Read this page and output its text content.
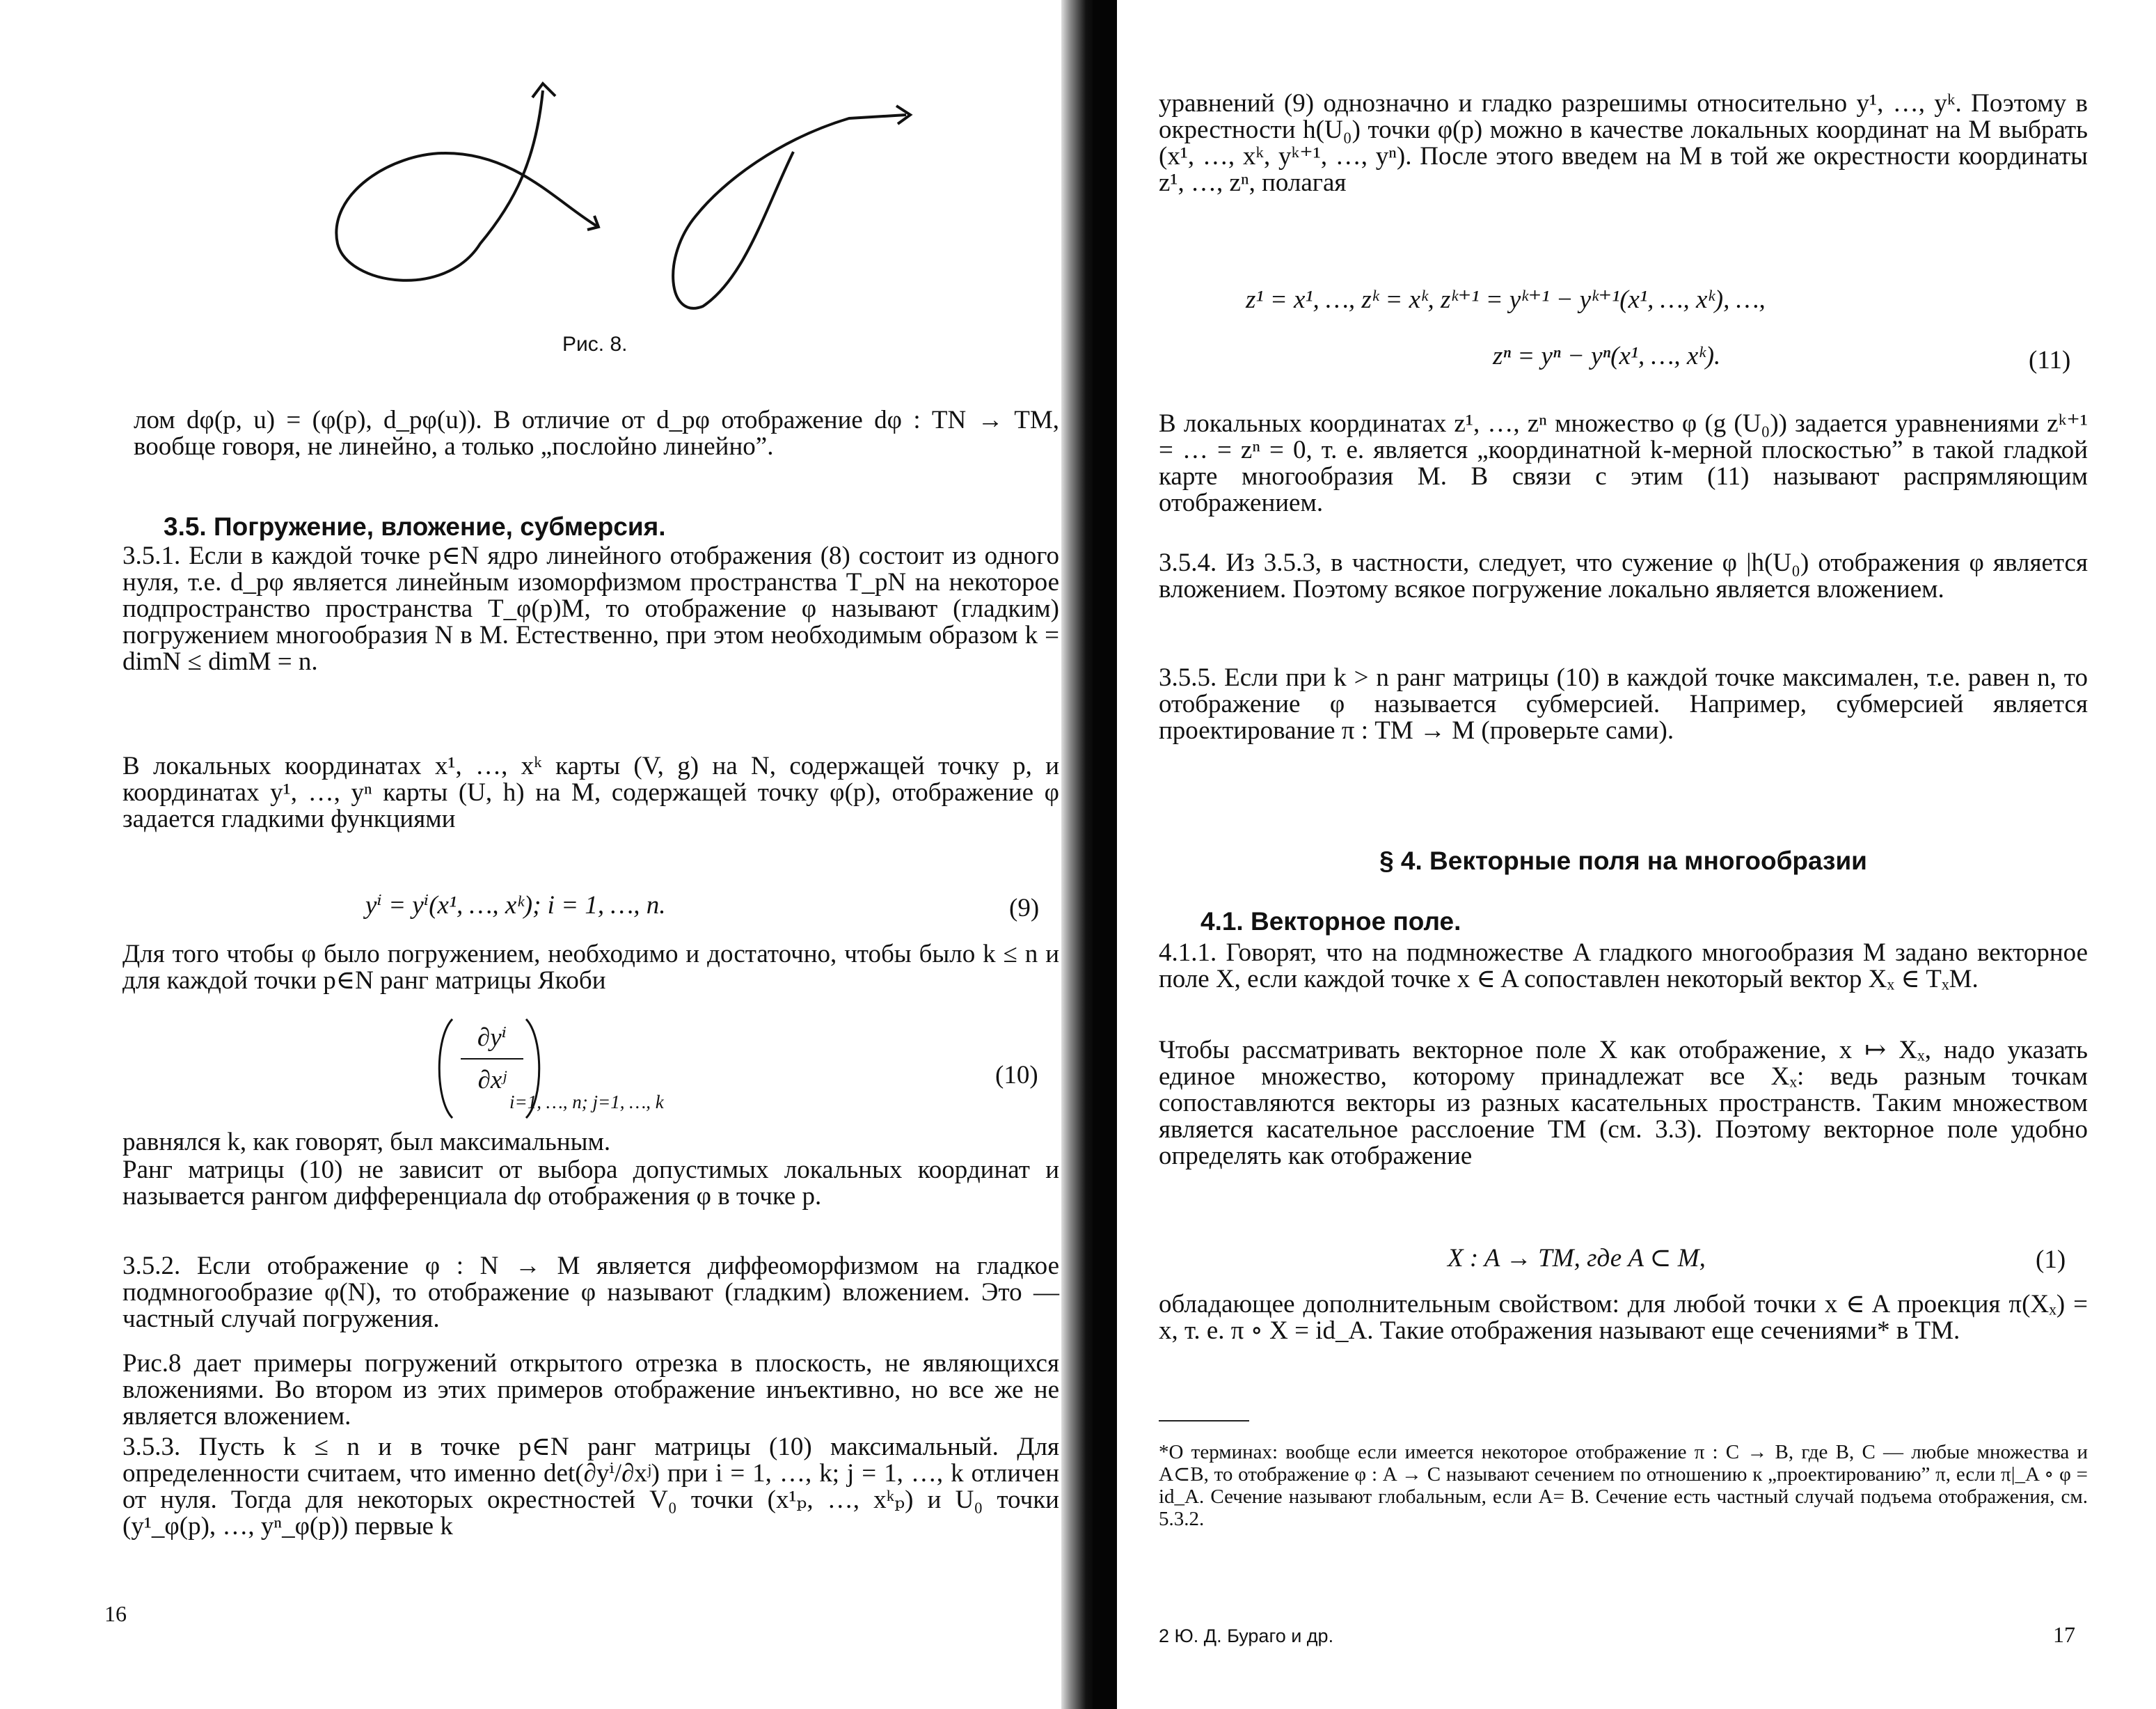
Рис. 8.

лом dφ(p, u) = (φ(p), d_pφ(u)). В отличие от d_pφ отображение dφ : TN → TM, вообще говоря, не линейно, а только „послойно линейно”.

3.5. Погружение, вложение, субмерсия.

3.5.1. Если в каждой точке p∈N ядро линейного отображения (8) состоит из одного нуля, т.е. d_pφ является линейным изоморфизмом пространства T_pN на некоторое подпространство пространства T_φ(p)M, то отображение φ называют (гладким) погружением многообразия N в M. Естественно, при этом необходимым образом k = dimN ≤ dimM = n.

В локальных координатах x¹, …, xᵏ карты (V, g) на N, содержащей точку p, и координатах y¹, …, yⁿ карты (U, h) на M, содержащей точку φ(p), отображение φ задается гладкими функциями

yⁱ = yⁱ(x¹, …, xᵏ); i = 1, …, n.	(9)

Для того чтобы φ было погружением, необходимо и достаточно, чтобы было k ≤ n и для каждой точки p∈N ранг матрицы Якоби

∂yⁱ
∂xʲ
i=1, …, n; j=1, …, k
(10)

равнялся k, как говорят, был максимальным.

Ранг матрицы (10) не зависит от выбора допустимых локальных координат и называется рангом дифференциала dφ отображения φ в точке p.

3.5.2. Если отображение φ : N → M является диффеоморфизмом на гладкое подмногообразие φ(N), то отображение φ называют (гладким) вложением. Это — частный случай погружения.

Рис.8 дает примеры погружений открытого отрезка в плоскость, не являющихся вложениями. Во втором из этих примеров отображение инъективно, но все же не является вложением.

3.5.3. Пусть k ≤ n и в точке p∈N ранг матрицы (10) максимальный. Для определенности считаем, что именно det(∂yⁱ/∂xʲ) при i = 1, …, k; j = 1, …, k отличен от нуля. Тогда для некоторых окрестностей V₀ точки (x¹ₚ, …, xᵏₚ) и U₀ точки (y¹_φ(p), …, yⁿ_φ(p)) первые k

16

уравнений (9) однозначно и гладко разрешимы относительно y¹, …, yᵏ. Поэтому в окрестности h(U₀) точки φ(p) можно в качестве локальных координат на M выбрать (x¹, …, xᵏ, yᵏ⁺¹, …, yⁿ). После этого введем на M в той же окрестности координаты z¹, …, zⁿ, полагая

z¹ = x¹, …, zᵏ = xᵏ, zᵏ⁺¹ = yᵏ⁺¹ − yᵏ⁺¹(x¹, …, xᵏ), …,
zⁿ = yⁿ − yⁿ(x¹, …, xᵏ).	(11)

В локальных координатах z¹, …, zⁿ множество φ (g (U₀)) задается уравнениями zᵏ⁺¹ = … = zⁿ = 0, т. е. является „координатной k-мерной плоскостью” в такой гладкой карте многообразия M. В связи с этим (11) называют распрямляющим отображением.

3.5.4. Из 3.5.3, в частности, следует, что сужение φ |h(U₀) отображения φ является вложением. Поэтому всякое погружение локально является вложением.

3.5.5. Если при k > n ранг матрицы (10) в каждой точке максимален, т.е. равен n, то отображение φ называется субмерсией. Например, субмерсией является проектирование π : TM → M (проверьте сами).

§ 4. Векторные поля на многообразии

4.1. Векторное поле.

4.1.1. Говорят, что на подмножестве A гладкого многообразия M задано векторное поле X, если каждой точке x ∈ A сопоставлен некоторый вектор Xₓ ∈ TₓM.

Чтобы рассматривать векторное поле X как отображение, x ↦ Xₓ, надо указать единое множество, которому принадлежат все Xₓ: ведь разным точкам сопоставляются векторы из разных касательных пространств. Таким множеством является касательное расслоение TM (см. 3.3). Поэтому векторное поле удобно определять как отображение

X : A → TM, где A ⊂ M,	(1)

обладающее дополнительным свойством: для любой точки x ∈ A проекция π(Xₓ) = x, т. е. π ∘ X = id_A. Такие отображения называют еще сечениями* в TM.

*О терминах: вообще если имеется некоторое отображение π : C → B, где B, C — любые множества и A⊂B, то отображение φ : A → C называют сечением по отношению к „проектированию” π, если π|_A ∘ φ = id_A. Сечение называют глобальным, если A= B. Сечение есть частный случай подъема отображения, см. 5.3.2.

2 Ю. Д. Бураго и др.	17
